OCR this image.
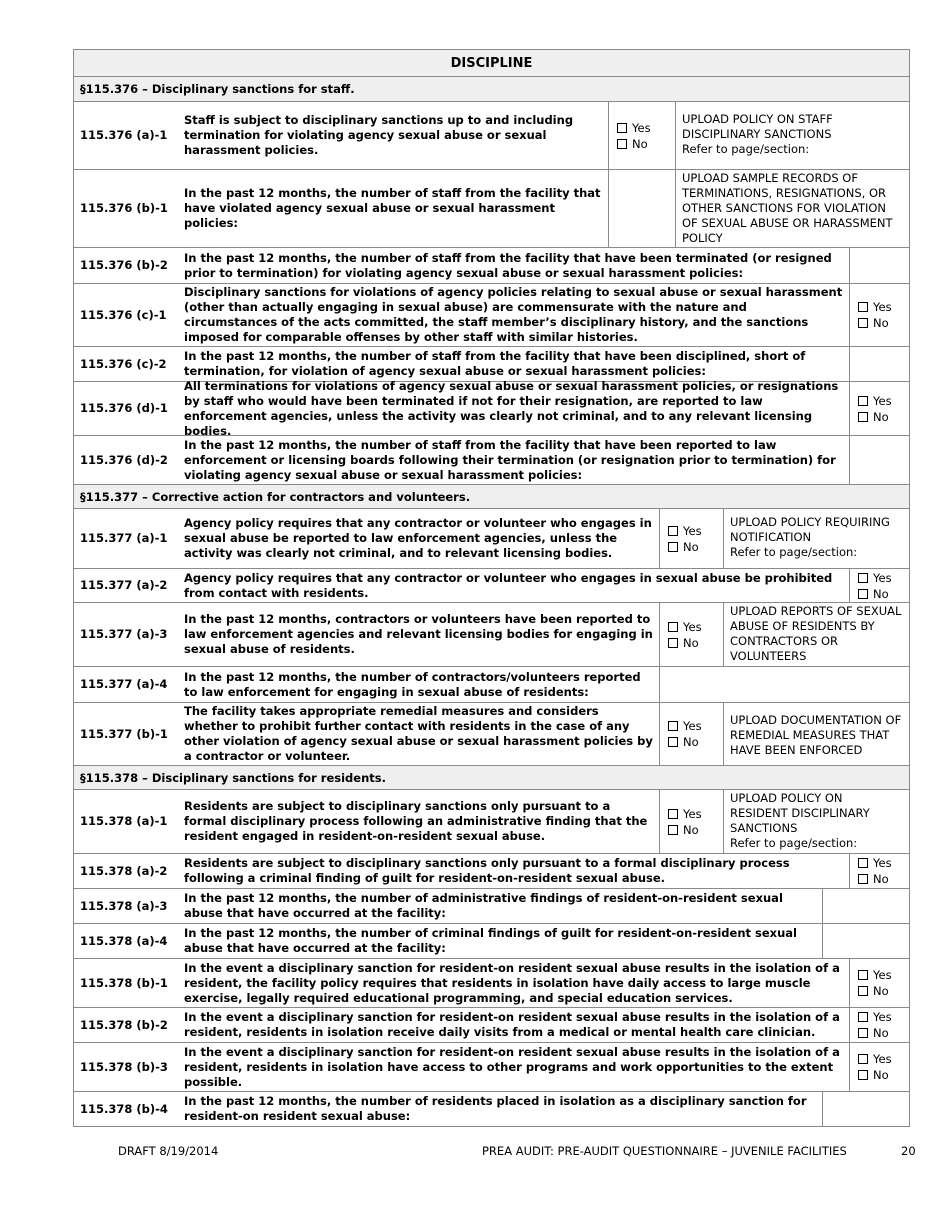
DISCIPLINE
§115.376 – Disciplinary sanctions for staff.
115.376 (a)-1
Staff is subject to disciplinary sanctions up to and including termination for violating agency sexual abuse or sexual harassment policies.
Yes
No
UPLOAD POLICY ON STAFF DISCIPLINARY SANCTIONS
Refer to page/section:
115.376 (b)-1
In the past 12 months, the number of staff from the facility that have violated agency sexual abuse or sexual harassment policies:
UPLOAD SAMPLE RECORDS OF TERMINATIONS, RESIGNATIONS, OR OTHER SANCTIONS FOR VIOLATION OF SEXUAL ABUSE OR HARASSMENT POLICY
115.376 (b)-2
In the past 12 months, the number of staff from the facility that have been terminated (or resigned prior to termination) for violating agency sexual abuse or sexual harassment policies:
115.376 (c)-1
Disciplinary sanctions for violations of agency policies relating to sexual abuse or sexual harassment (other than actually engaging in sexual abuse) are commensurate with the nature and circumstances of the acts committed, the staff member’s disciplinary history, and the sanctions imposed for comparable offenses by other staff with similar histories.
Yes
No
115.376 (c)-2
In the past 12 months, the number of staff from the facility that have been disciplined, short of termination, for violation of agency sexual abuse or sexual harassment policies:
115.376 (d)-1
All terminations for violations of agency sexual abuse or sexual harassment policies, or resignations by staff who would have been terminated if not for their resignation, are reported to law enforcement agencies, unless the activity was clearly not criminal, and to any relevant licensing bodies.
Yes
No
115.376 (d)-2
In the past 12 months, the number of staff from the facility that have been reported to law enforcement or licensing boards following their termination (or resignation prior to termination) for violating agency sexual abuse or sexual harassment policies:
§115.377 – Corrective action for contractors and volunteers.
115.377 (a)-1
Agency policy requires that any contractor or volunteer who engages in sexual abuse be reported to law enforcement agencies, unless the activity was clearly not criminal, and to relevant licensing bodies.
Yes
No
UPLOAD POLICY REQUIRING NOTIFICATION
Refer to page/section:
115.377 (a)-2
Agency policy requires that any contractor or volunteer who engages in sexual abuse be prohibited from contact with residents.
Yes
No
115.377 (a)-3
In the past 12 months, contractors or volunteers have been reported to law enforcement agencies and relevant licensing bodies for engaging in sexual abuse of residents.
Yes
No
UPLOAD REPORTS OF SEXUAL ABUSE OF RESIDENTS BY CONTRACTORS OR VOLUNTEERS
115.377 (a)-4
In the past 12 months, the number of contractors/volunteers reported to law enforcement for engaging in sexual abuse of residents:
115.377 (b)-1
The facility takes appropriate remedial measures and considers whether to prohibit further contact with residents in the case of any other violation of agency sexual abuse or sexual harassment policies by a contractor or volunteer.
Yes
No
UPLOAD DOCUMENTATION OF REMEDIAL MEASURES THAT HAVE BEEN ENFORCED
§115.378 – Disciplinary sanctions for residents.
115.378 (a)-1
Residents are subject to disciplinary sanctions only pursuant to a formal disciplinary process following an administrative finding that the resident engaged in resident-on-resident sexual abuse.
Yes
No
UPLOAD POLICY ON RESIDENT DISCIPLINARY SANCTIONS
Refer to page/section:
115.378 (a)-2
Residents are subject to disciplinary sanctions only pursuant to a formal disciplinary process following a criminal finding of guilt for resident-on-resident sexual abuse.
Yes
No
115.378 (a)-3
In the past 12 months, the number of administrative findings of resident-on-resident sexual abuse that have occurred at the facility:
115.378 (a)-4
In the past 12 months, the number of criminal findings of guilt for resident-on-resident sexual abuse that have occurred at the facility:
115.378 (b)-1
In the event a disciplinary sanction for resident-on resident sexual abuse results in the isolation of a resident, the facility policy requires that residents in isolation have daily access to large muscle exercise, legally required educational programming, and special education services.
Yes
No
115.378 (b)-2
In the event a disciplinary sanction for resident-on resident sexual abuse results in the isolation of a resident, residents in isolation receive daily visits from a medical or mental health care clinician.
Yes
No
115.378 (b)-3
In the event a disciplinary sanction for resident-on resident sexual abuse results in the isolation of a resident, residents in isolation have access to other programs and work opportunities to the extent possible.
Yes
No
115.378 (b)-4
In the past 12 months, the number of residents placed in isolation as a disciplinary sanction for resident-on resident sexual abuse:
DRAFT 8/19/2014	PREA AUDIT: PRE-AUDIT QUESTIONNAIRE – JUVENILE FACILITIES	20
